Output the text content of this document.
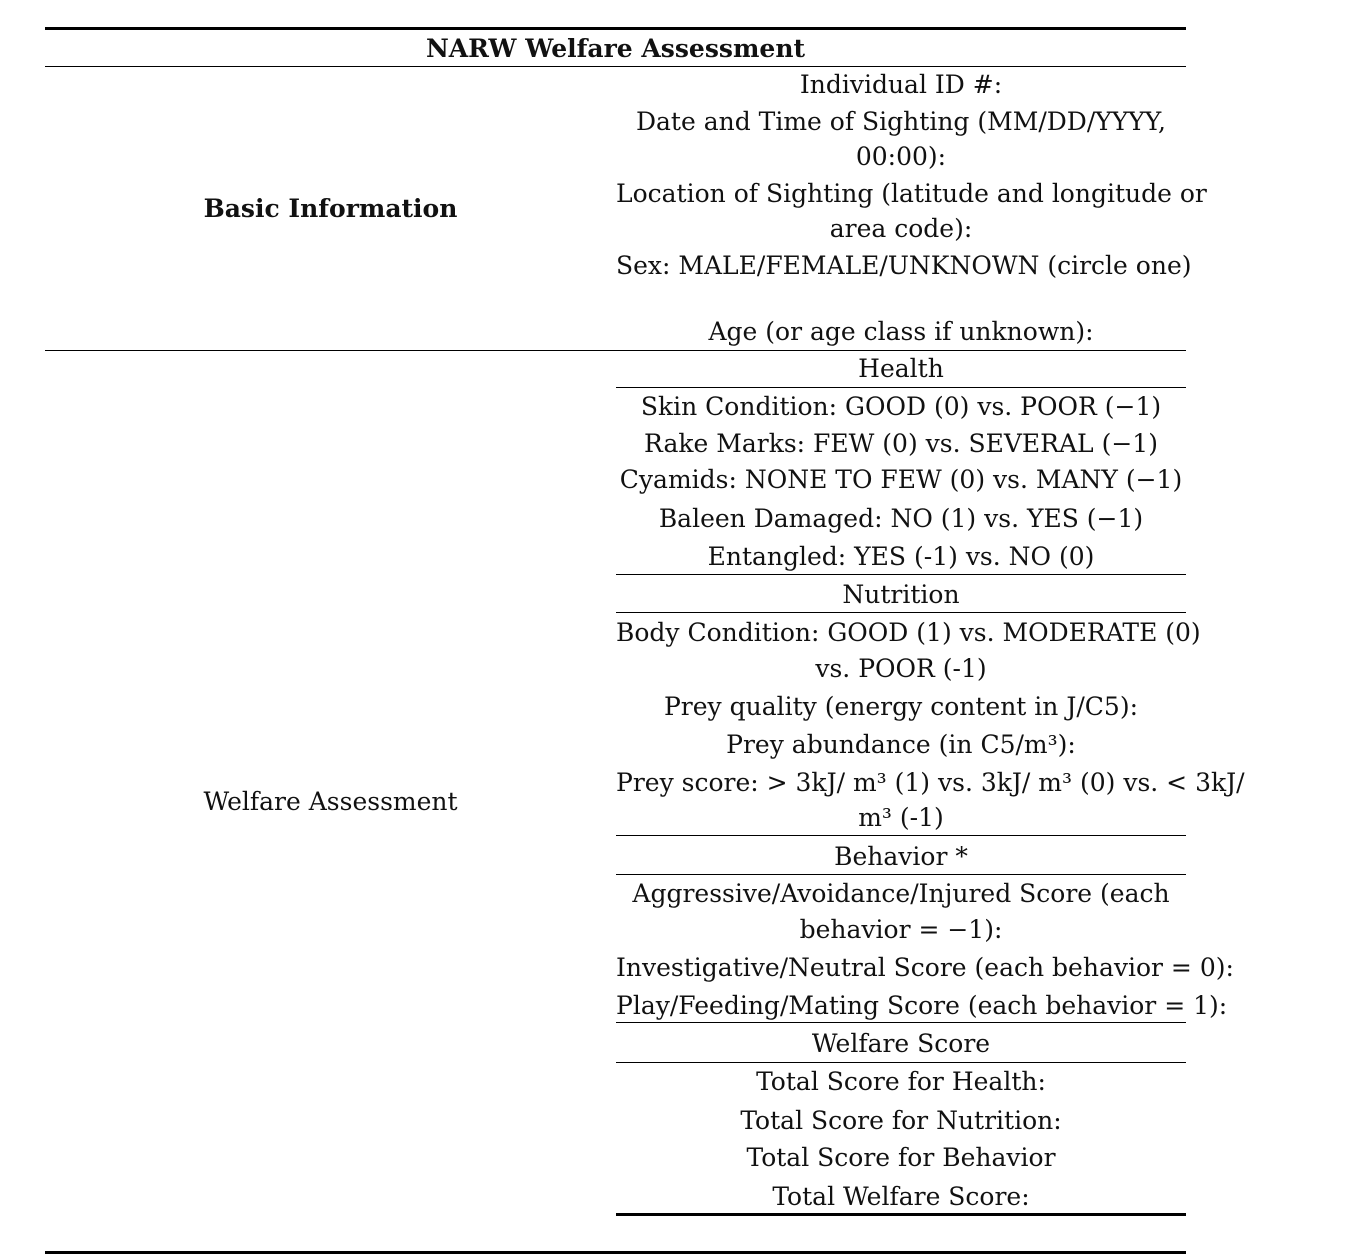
NARW Welfare Assessment
Basic Information
Welfare Assessment
Individual ID #:
Date and Time of Sighting (MM/DD/YYYY,
00:00):
Location of Sighting (latitude and longitude or
area code):
Sex: MALE/FEMALE/UNKNOWN (circle one)
Age (or age class if unknown):
Health
Skin Condition: GOOD (0) vs. POOR (−1)
Rake Marks: FEW (0) vs. SEVERAL (−1)
Cyamids: NONE TO FEW (0) vs. MANY (−1)
Baleen Damaged: NO (1) vs. YES (−1)
Entangled: YES (-1) vs. NO (0)
Nutrition
Body Condition: GOOD (1) vs. MODERATE (0)
vs. POOR (-1)
Prey quality (energy content in J/C5):
Prey abundance (in C5/m³):
Prey score: > 3kJ/ m³ (1) vs. 3kJ/ m³ (0) vs. < 3kJ/
m³ (-1)
Behavior *
Aggressive/Avoidance/Injured Score (each
behavior = −1):
Investigative/Neutral Score (each behavior = 0):
Play/Feeding/Mating Score (each behavior = 1):
Welfare Score
Total Score for Health:
Total Score for Nutrition:
Total Score for Behavior
Total Welfare Score:
